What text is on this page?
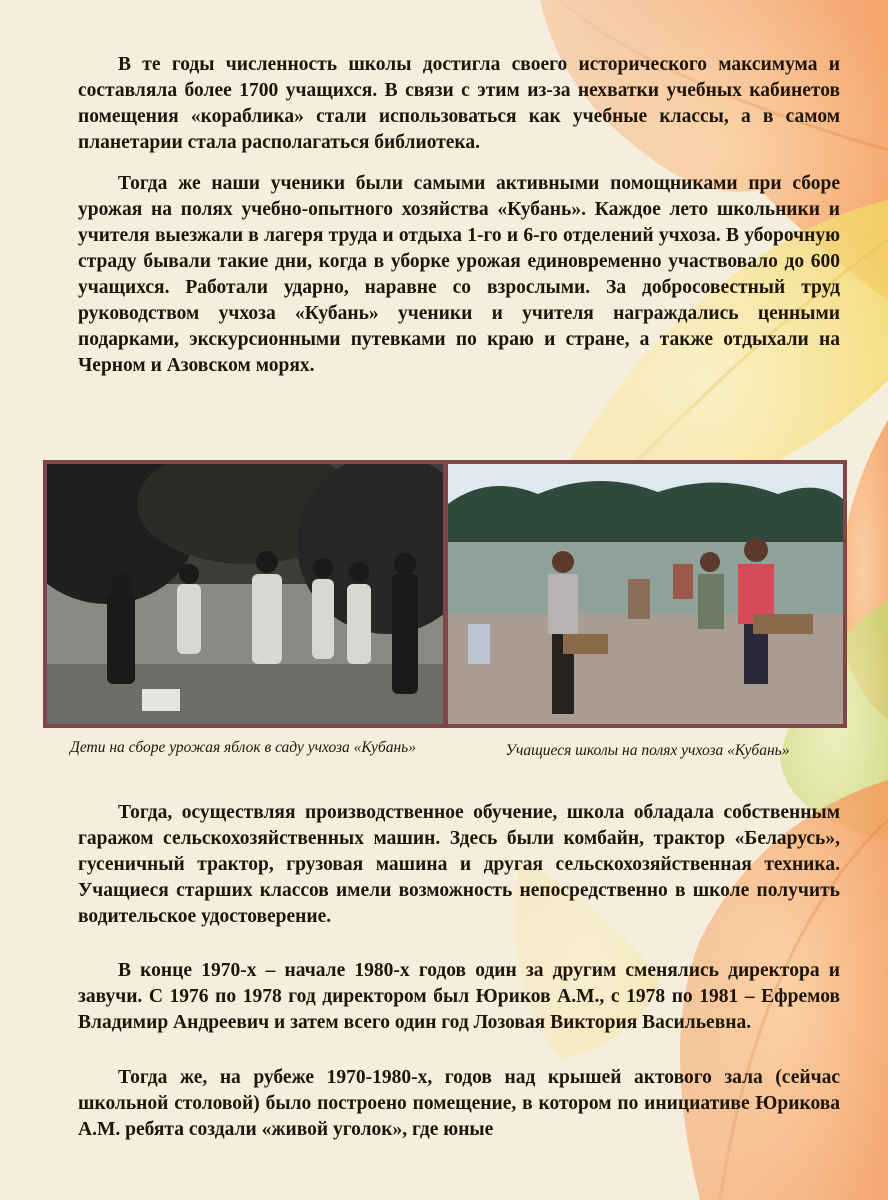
В те годы численность школы достигла своего исторического максимума и составляла более 1700 учащихся. В связи с этим из-за нехватки учебных кабинетов помещения «кораблика» стали использоваться как учебные классы, а в самом планетарии стала располагаться библиотека.

Тогда же наши ученики были самыми активными помощниками при сборе урожая на полях учебно-опытного хозяйства «Кубань». Каждое лето школьники и учителя выезжали в лагеря труда и отдыха 1-го и 6-го отделений учхоза. В уборочную страду бывали такие дни, когда в уборке урожая единовременно участвовало до 600 учащихся. Работали ударно, наравне со взрослыми. За добросовестный труд руководством учхоза «Кубань» ученики и учителя награждались ценными подарками, экскурсионными путевками по краю и стране, а также отдыхали на Черном и Азовском морях.

Дети на сборе урожая яблок в саду учхоза «Кубань»	Учащиеся школы на полях учхоза «Кубань»

Тогда, осуществляя производственное обучение, школа обладала собственным гаражом сельскохозяйственных машин. Здесь были комбайн, трактор «Беларусь», гусеничный трактор, грузовая машина и другая сельскохозяйственная техника. Учащиеся старших классов имели возможность непосредственно в школе получить водительское удостоверение.

В конце 1970-х – начале 1980-х годов один за другим сменялись директора и завучи. С 1976 по 1978 год директором был Юриков А.М., с 1978 по 1981 – Ефремов Владимир Андреевич и затем всего один год Лозовая Виктория Васильевна.

Тогда же, на рубеже 1970-1980-х, годов над крышей актового зала (сейчас школьной столовой) было построено помещение, в котором по инициативе Юрикова А.М. ребята создали «живой уголок», где юные
